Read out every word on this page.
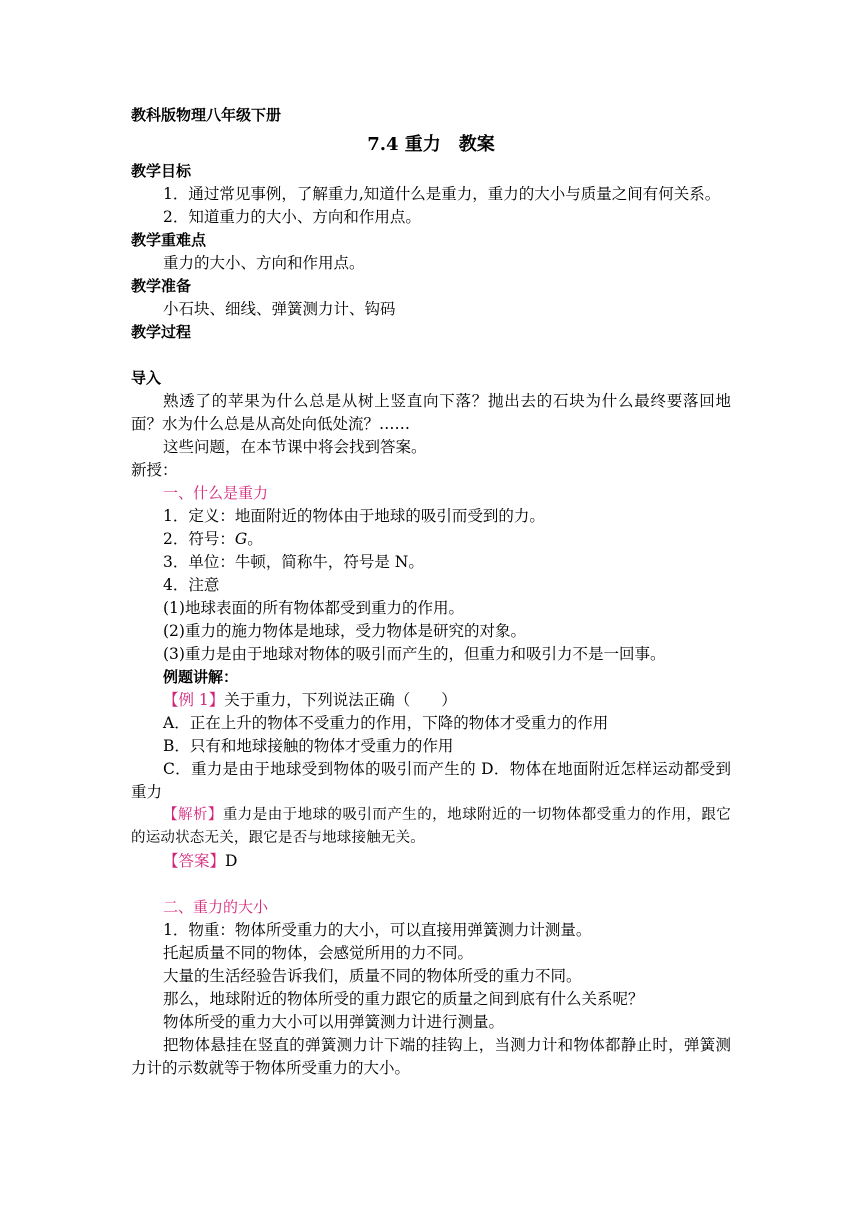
教科版物理八年级下册
7.4 重力　教案
教学目标
1．通过常见事例，了解重力,知道什么是重力，重力的大小与质量之间有何关系。
2．知道重力的大小、方向和作用点。
教学重难点
重力的大小、方向和作用点。
教学准备
小石块、细线、弹簧测力计、钩码
教学过程
导入
熟透了的苹果为什么总是从树上竖直向下落？抛出去的石块为什么最终要落回地面？水为什么总是从高处向低处流？……
这些问题，在本节课中将会找到答案。
新授：
一、什么是重力
1．定义：地面附近的物体由于地球的吸引而受到的力。
2．符号：G。
3．单位：牛顿，简称牛，符号是 N。
4．注意
(1)地球表面的所有物体都受到重力的作用。
(2)重力的施力物体是地球，受力物体是研究的对象。
(3)重力是由于地球对物体的吸引而产生的，但重力和吸引力不是一回事。
例题讲解：
【例 1】关于重力，下列说法正确（　　）
A．正在上升的物体不受重力的作用，下降的物体才受重力的作用
B．只有和地球接触的物体才受重力的作用
C．重力是由于地球受到物体的吸引而产生的 D．物体在地面附近怎样运动都受到重力
【解析】重力是由于地球的吸引而产生的，地球附近的一切物体都受重力的作用，跟它的运动状态无关，跟它是否与地球接触无关。
【答案】D
二、重力的大小
1．物重：物体所受重力的大小，可以直接用弹簧测力计测量。
托起质量不同的物体，会感觉所用的力不同。
大量的生活经验告诉我们，质量不同的物体所受的重力不同。
那么，地球附近的物体所受的重力跟它的质量之间到底有什么关系呢？
物体所受的重力大小可以用弹簧测力计进行测量。
把物体悬挂在竖直的弹簧测力计下端的挂钩上，当测力计和物体都静止时，弹簧测力计的示数就等于物体所受重力的大小。
